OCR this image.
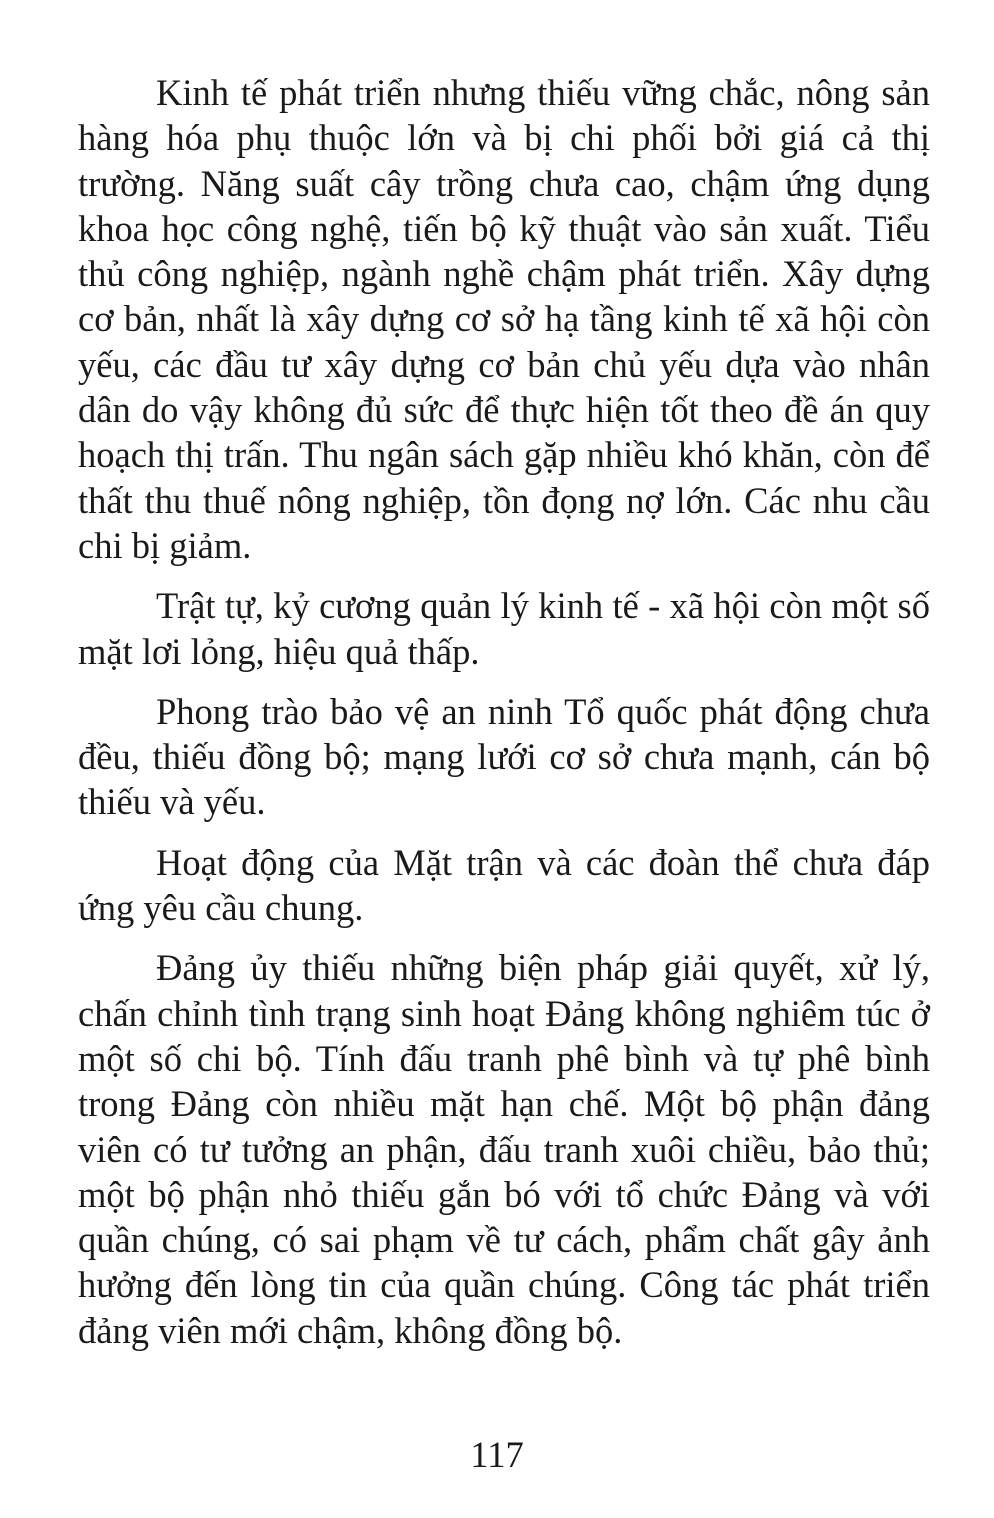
Kinh tế phát triển nhưng thiếu vững chắc, nông sản hàng hóa phụ thuộc lớn và bị chi phối bởi giá cả thị trường. Năng suất cây trồng chưa cao, chậm ứng dụng khoa học công nghệ, tiến bộ kỹ thuật vào sản xuất. Tiểu thủ công nghiệp, ngành nghề chậm phát triển. Xây dựng cơ bản, nhất là xây dựng cơ sở hạ tầng kinh tế xã hội còn yếu, các đầu tư xây dựng cơ bản chủ yếu dựa vào nhân dân do vậy không đủ sức để thực hiện tốt theo đề án quy hoạch thị trấn. Thu ngân sách gặp nhiều khó khăn, còn để thất thu thuế nông nghiệp, tồn đọng nợ lớn. Các nhu cầu chi bị giảm.

Trật tự, kỷ cương quản lý kinh tế - xã hội còn một số mặt lơi lỏng, hiệu quả thấp.

Phong trào bảo vệ an ninh Tổ quốc phát động chưa đều, thiếu đồng bộ; mạng lưới cơ sở chưa mạnh, cán bộ thiếu và yếu.

Hoạt động của Mặt trận và các đoàn thể chưa đáp ứng yêu cầu chung.

Đảng ủy thiếu những biện pháp giải quyết, xử lý, chấn chỉnh tình trạng sinh hoạt Đảng không nghiêm túc ở một số chi bộ. Tính đấu tranh phê bình và tự phê bình trong Đảng còn nhiều mặt hạn chế. Một bộ phận đảng viên có tư tưởng an phận, đấu tranh xuôi chiều, bảo thủ; một bộ phận nhỏ thiếu gắn bó với tổ chức Đảng và với quần chúng, có sai phạm về tư cách, phẩm chất gây ảnh hưởng đến lòng tin của quần chúng. Công tác phát triển đảng viên mới chậm, không đồng bộ.

117
